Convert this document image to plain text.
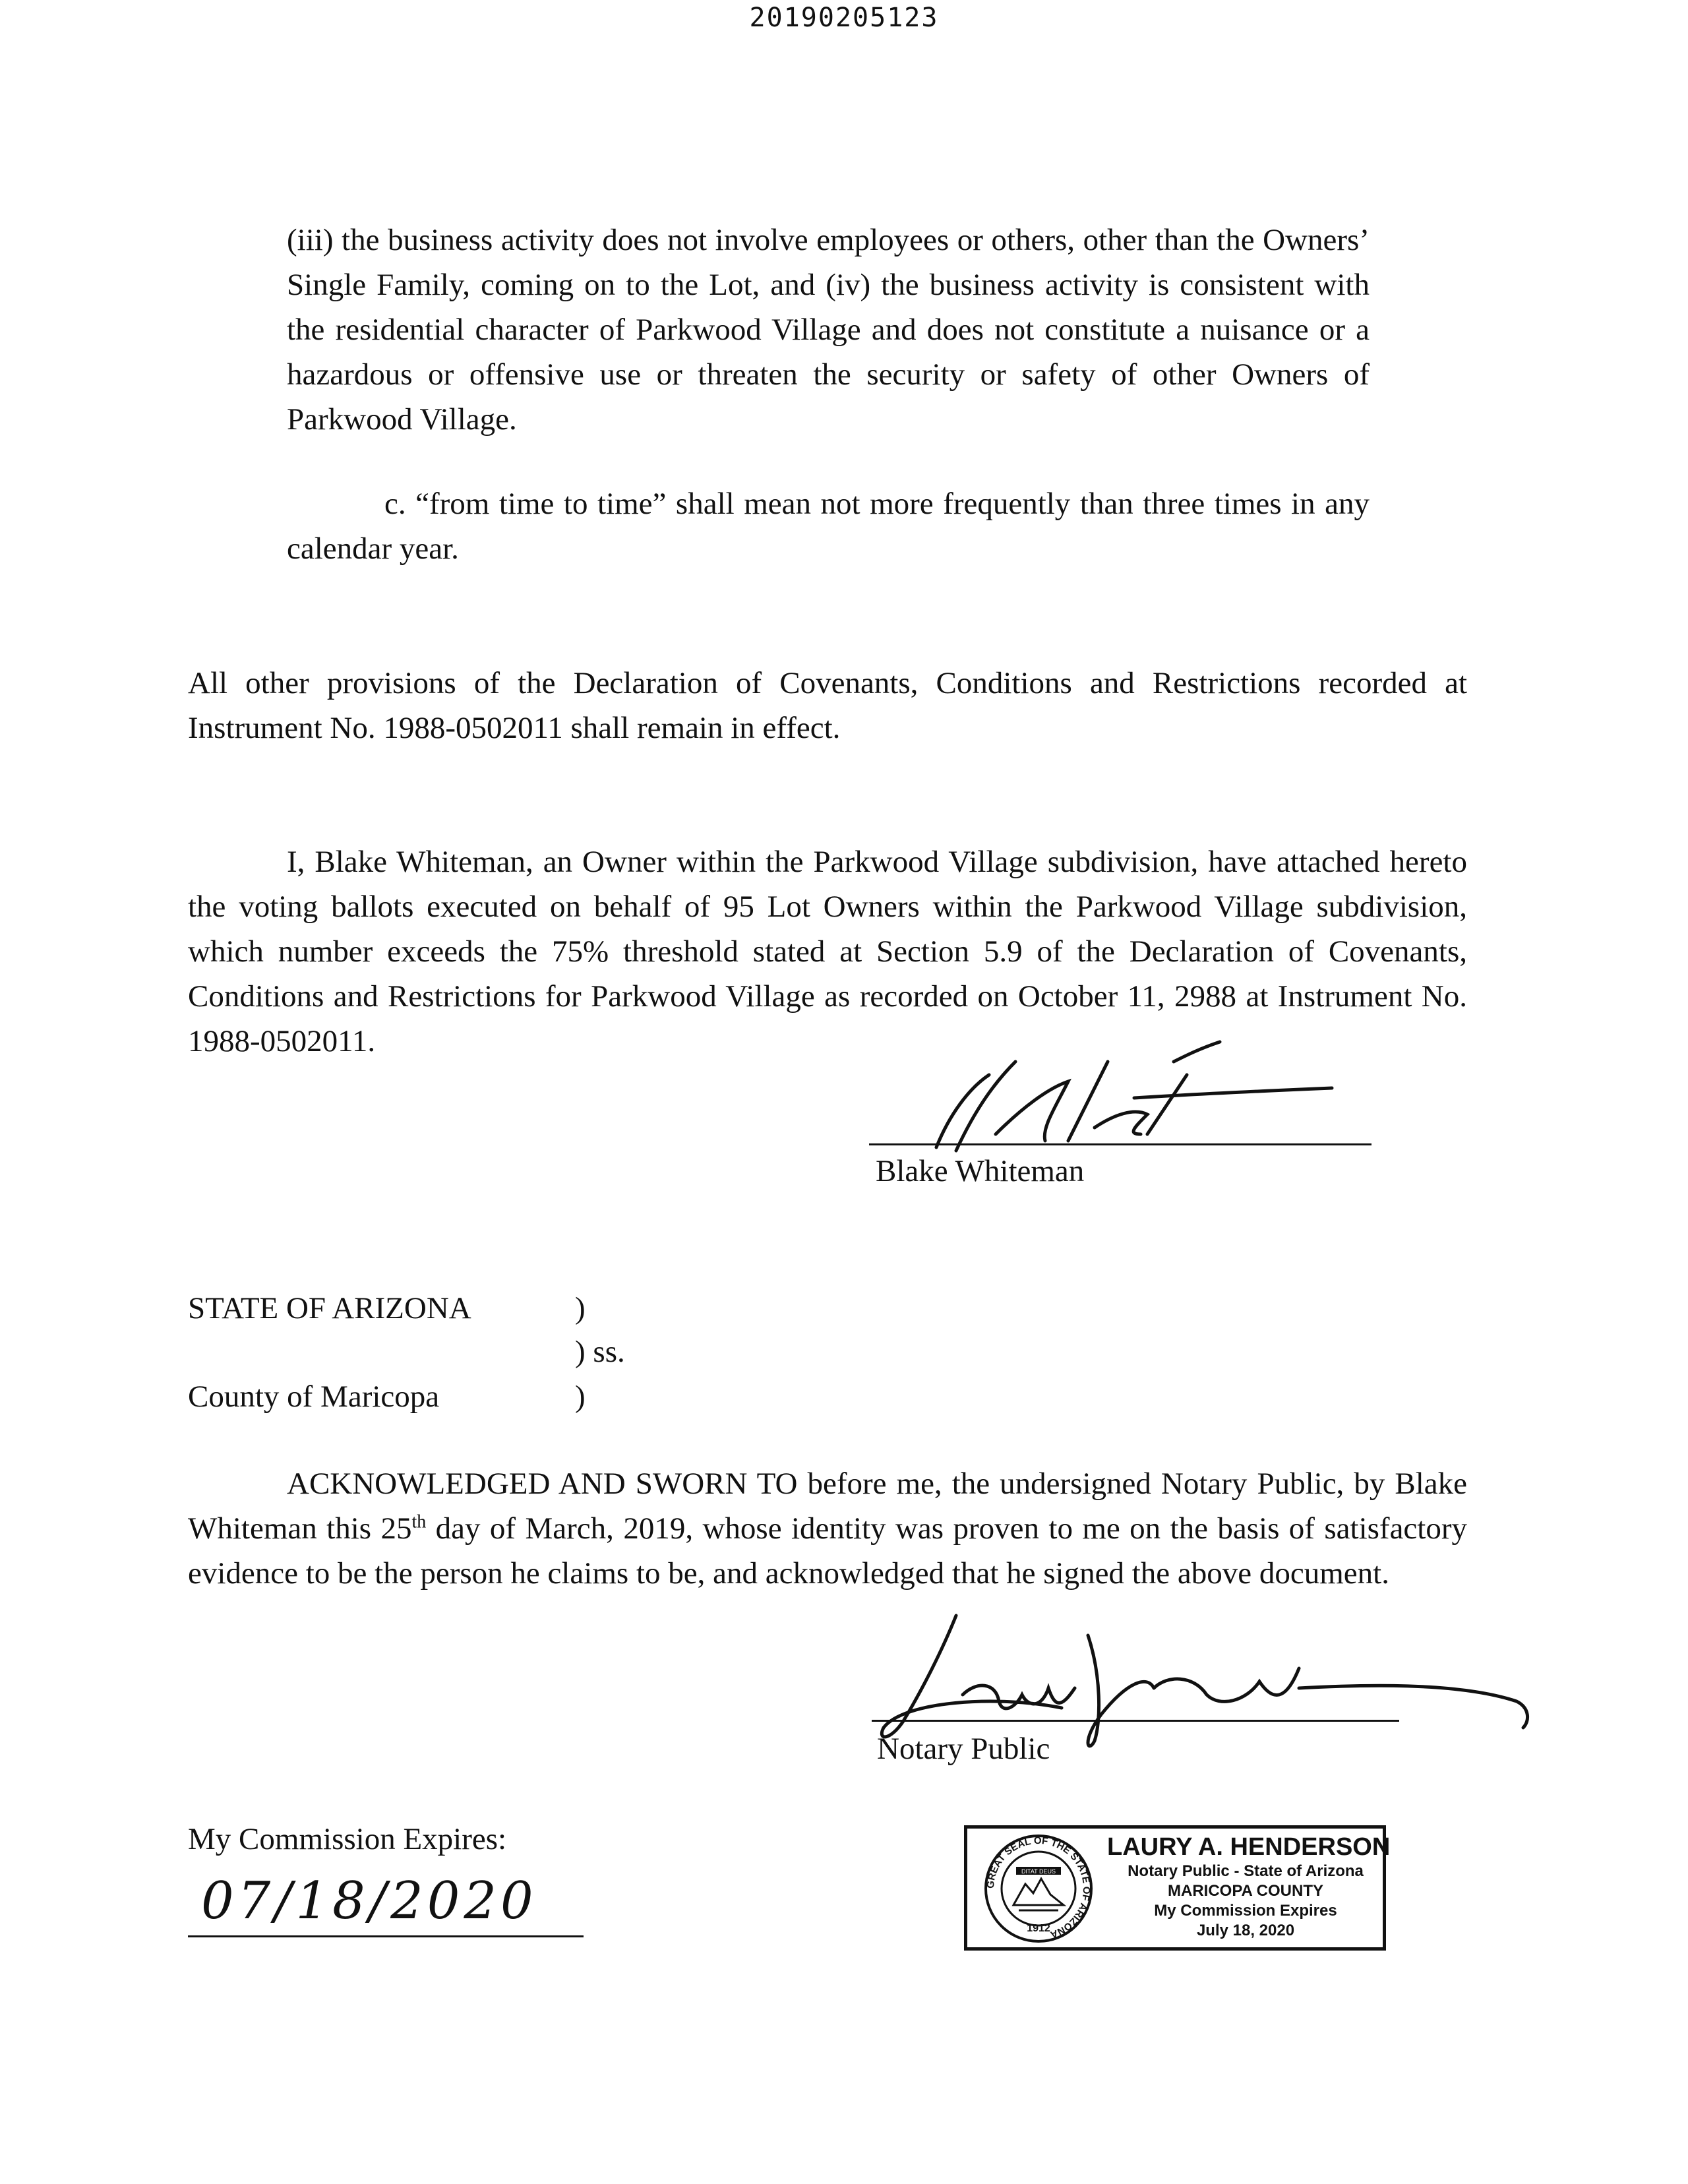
20190205123

(iii) the business activity does not involve employees or others, other than the Owners’ Single Family, coming on to the Lot, and (iv) the business activity is consistent with the residential character of Parkwood Village and does not constitute a nuisance or a hazardous or offensive use or threaten the security or safety of other Owners of Parkwood Village.

c. “from time to time” shall mean not more frequently than three times in any calendar year.

All other provisions of the Declaration of Covenants, Conditions and Restrictions recorded at Instrument No. 1988-0502011 shall remain in effect.

I, Blake Whiteman, an Owner within the Parkwood Village subdivision, have attached hereto the voting ballots executed on behalf of 95 Lot Owners within the Parkwood Village subdivision, which number exceeds the 75% threshold stated at Section 5.9 of the Declaration of Covenants, Conditions and Restrictions for Parkwood Village as recorded on October 11, 2988 at Instrument No. 1988-0502011.

Blake Whiteman
STATE OF ARIZONA	)
) ss.
County of Maricopa	)

ACKNOWLEDGED AND SWORN TO before me, the undersigned Notary Public, by Blake Whiteman this 25th day of March, 2019, whose identity was proven to me on the basis of satisfactory evidence to be the person he claims to be, and acknowledged that he signed the above document.

Notary Public
My Commission Expires:
07/18/2020	GREAT SEAL OF THE STATE OF ARIZONA
DITAT DEUS
1912
LAURY A. HENDERSON
Notary Public - State of Arizona
MARICOPA COUNTY
My Commission Expires
July 18, 2020
